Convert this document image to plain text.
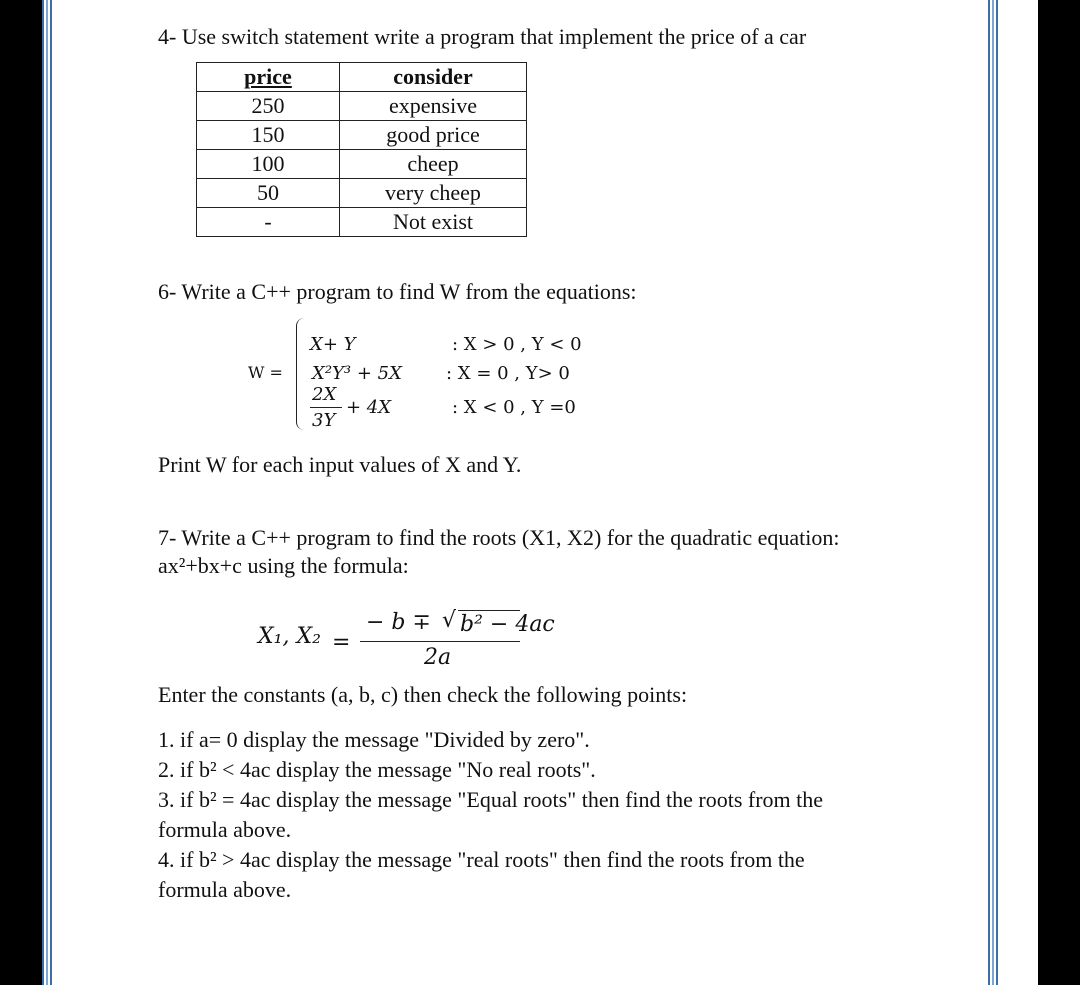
4- Use switch statement write a program that implement the price of a car
price	consider
250	expensive
150	good price
100	cheep
50	very cheep
-	Not exist
6- Write a C++ program to find W from the equations:
W =
X+ Y	: X > 0 , Y < 0
X²Y³ + 5X : X = 0 , Y> 0
2X
3Y
+ 4X	: X < 0 , Y =0
Print W for each input values of X and Y.
7- Write a C++ program to find the roots (X1, X2) for the quadratic equation:
ax²+bx+c using the formula:
X₁, X₂ =
− b ∓ √ b² − 4ac
2a
Enter the constants (a, b, c) then check the following points:
1. if a= 0 display the message "Divided by zero".
2. if b² < 4ac display the message "No real roots".
3. if b² = 4ac display the message "Equal roots" then find the roots from the
formula above.
4. if b² > 4ac display the message "real roots" then find the roots from the
formula above.
